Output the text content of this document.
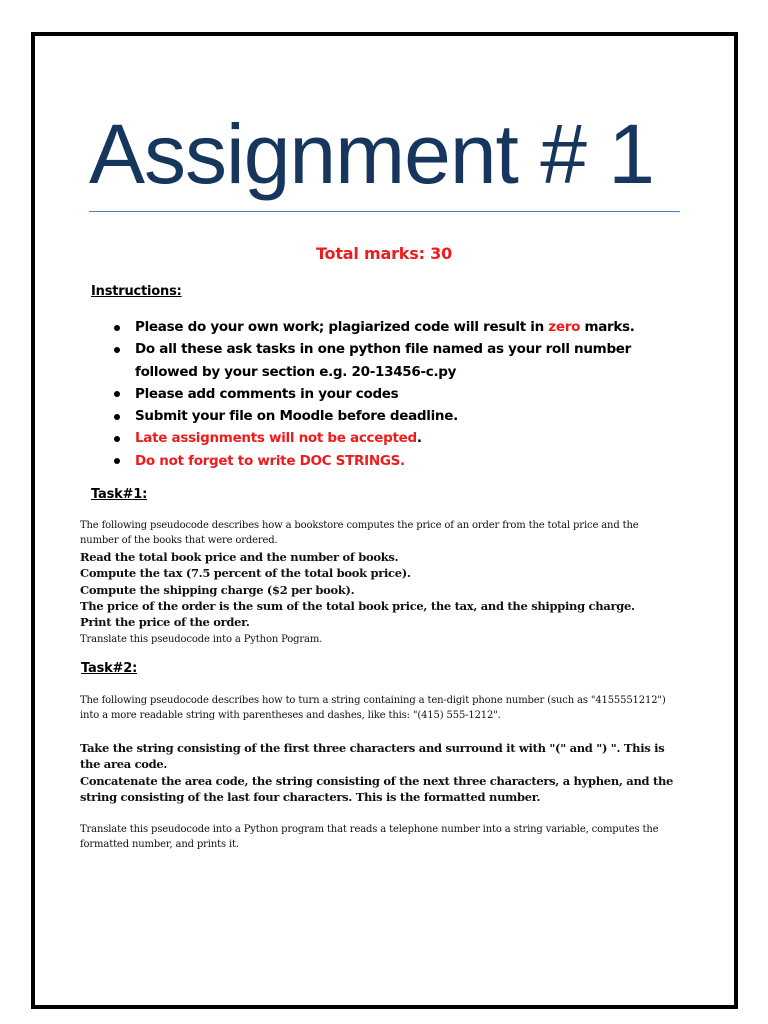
Assignment # 1
Total marks: 30
Instructions:
Please do your own work; plagiarized code will result in zero marks.
Do all these ask tasks in one python file named as your roll number followed by your section e.g. 20-13456-c.py
Please add comments in your codes
Submit your file on Moodle before deadline.
Late assignments will not be accepted.
Do not forget to write DOC STRINGS.
Task#1:
The following pseudocode describes how a bookstore computes the price of an order from the total price and the number of the books that were ordered.
Read the total book price and the number of books.
Compute the tax (7.5 percent of the total book price).
Compute the shipping charge ($2 per book).
The price of the order is the sum of the total book price, the tax, and the shipping charge.
Print the price of the order.
Translate this pseudocode into a Python Pogram.
Task#2:
The following pseudocode describes how to turn a string containing a ten-digit phone number (such as "4155551212") into a more readable string with parentheses and dashes, like this: "(415) 555-1212".

Take the string consisting of the first three characters and surround it with "(" and ") ". This is the area code.

Concatenate the area code, the string consisting of the next three characters, a hyphen, and the string consisting of the last four characters. This is the formatted number.

Translate this pseudocode into a Python program that reads a telephone number into a string variable, computes the formatted number, and prints it.
